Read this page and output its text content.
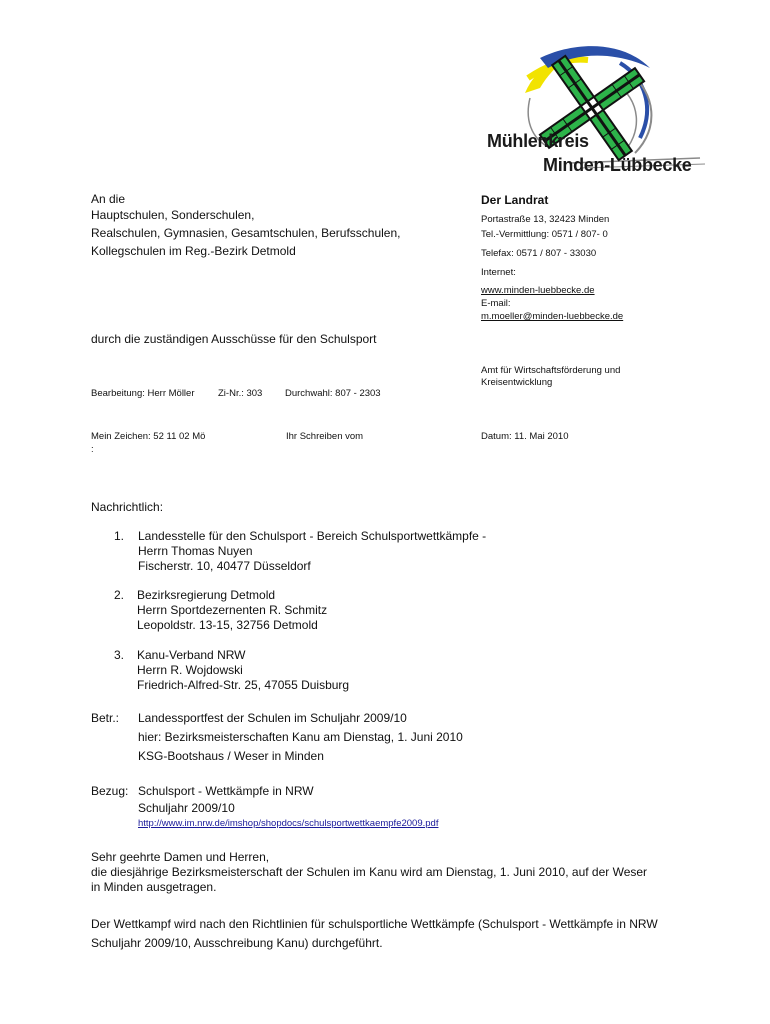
Mühlenkreis
Minden-Lübbecke
An die
Hauptschulen, Sonderschulen,
Realschulen, Gymnasien, Gesamtschulen, Berufsschulen,
Kollegschulen im Reg.-Bezirk Detmold
durch die zuständigen Ausschüsse für den Schulsport
Der Landrat
Portastraße 13, 32423 Minden
Tel.-Vermittlung: 0571 / 807- 0
Telefax: 0571 / 807 - 33030
Internet:
www.minden-luebbecke.de
E-mail:
m.moeller@minden-luebbecke.de
Amt für Wirtschaftsförderung und
Kreisentwicklung
Bearbeitung: Herr Möller Zi-Nr.: 303 Durchwahl: 807 - 2303
Mein Zeichen: 52 11 02 Mö
:
Ihr Schreiben vom	Datum: 11. Mai 2010
Nachrichtlich:
1. Landesstelle für den Schulsport - Bereich Schulsportwettkämpfe -
Herrn Thomas Nuyen
Fischerstr. 10, 40477 Düsseldorf
2. Bezirksregierung Detmold
Herrn Sportdezernenten R. Schmitz
Leopoldstr. 13-15, 32756 Detmold
3. Kanu-Verband NRW
Herrn R. Wojdowski
Friedrich-Alfred-Str. 25, 47055 Duisburg
Betr.: Landessportfest der Schulen im Schuljahr 2009/10
hier: Bezirksmeisterschaften Kanu am Dienstag, 1. Juni 2010
KSG-Bootshaus / Weser in Minden
Bezug: Schulsport - Wettkämpfe in NRW
Schuljahr 2009/10
http://www.im.nrw.de/imshop/shopdocs/schulsportwettkaempfe2009.pdf
Sehr geehrte Damen und Herren,
die diesjährige Bezirksmeisterschaft der Schulen im Kanu wird am Dienstag, 1. Juni 2010, auf der Weser
in Minden ausgetragen.
Der Wettkampf wird nach den Richtlinien für schulsportliche Wettkämpfe (Schulsport - Wettkämpfe in NRW
Schuljahr 2009/10, Ausschreibung Kanu) durchgeführt.
